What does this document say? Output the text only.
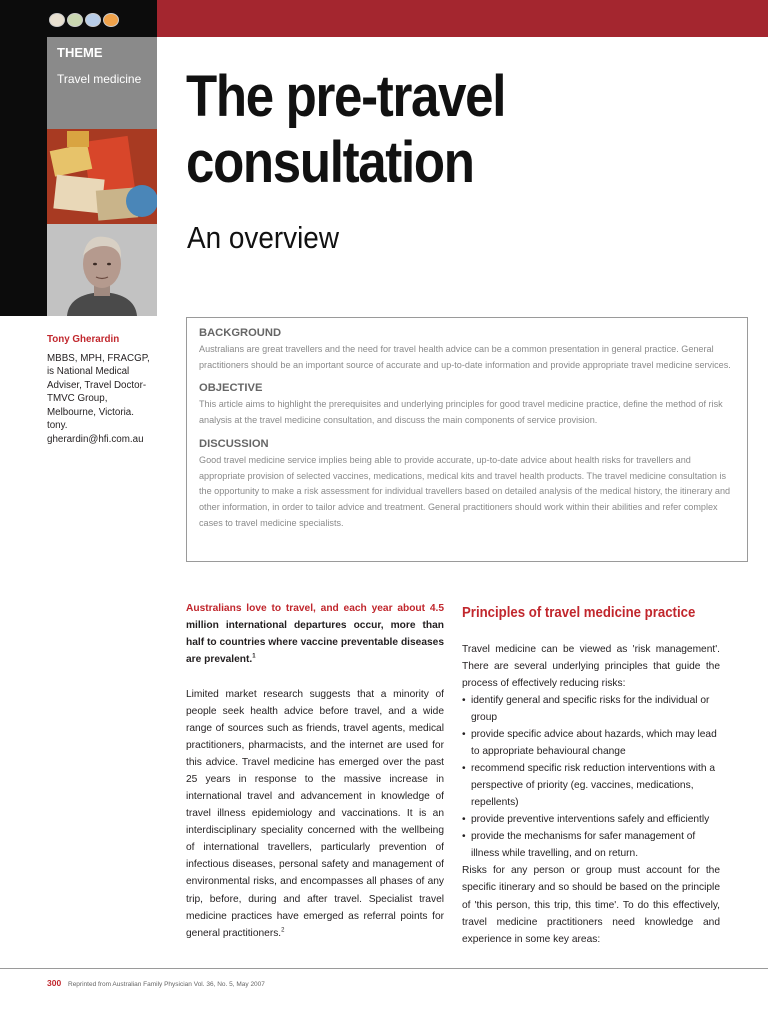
THEME
Travel medicine The pre-travel consultation
An overview
Tony Gherardin
MBBS, MPH, FRACGP, is National Medical Adviser, Travel Doctor-TMVC Group, Melbourne, Victoria. tony. gherardin@hfi.com.au
BACKGROUND

Australians are great travellers and the need for travel health advice can be a common presentation in general practice. General practitioners should be an important source of accurate and up-to-date information and provide appropriate travel medicine services.

OBJECTIVE

This article aims to highlight the prerequisites and underlying principles for good travel medicine practice, define the method of risk analysis at the travel medicine consultation, and discuss the main components of service provision.

DISCUSSION

Good travel medicine service implies being able to provide accurate, up-to-date advice about health risks for travellers and appropriate provision of selected vaccines, medications, medical kits and travel health products. The travel medicine consultation is the opportunity to make a risk assessment for individual travellers based on detailed analysis of the medical history, the itinerary and other information, in order to tailor advice and treatment. General practitioners should work within their abilities and refer complex cases to travel medicine specialists.

Australians love to travel, and each year about 4.5 million international departures occur, more than half to countries where vaccine preventable diseases are prevalent.$^1$

Limited market research suggests that a minority of people seek health advice before travel, and a wide range of sources such as friends, travel agents, medical practitioners, pharmacists, and the internet are used for this advice. Travel medicine has emerged over the past 25 years in response to the massive increase in international travel and advancement in knowledge of travel illness epidemiology and vaccinations. It is an interdisciplinary speciality concerned with the wellbeing of international travellers, particularly prevention of infectious diseases, personal safety and management of environmental risks, and encompasses all phases of any trip, before, during and after travel. Specialist travel medicine practices have emerged as referral points for general practitioners.$^2$

Principles of travel medicine practice

Travel medicine can be viewed as 'risk management'. There are several underlying principles that guide the process of effectively reducing risks:

• identify general and specific risks for the individual or group
• provide specific advice about hazards, which may lead to appropriate behavioural change
• recommend specific risk reduction interventions with a perspective of priority (eg. vaccines, medications, repellents)
• provide preventive interventions safely and efficiently
• provide the mechanisms for safer management of illness while travelling, and on return.

Risks for any person or group must account for the specific itinerary and so should be based on the principle of 'this person, this trip, this time'. To do this effectively, travel medicine practitioners need knowledge and experience in some key areas:

300 Reprinted from Australian Family Physician Vol. 36, No. 5, May 2007
